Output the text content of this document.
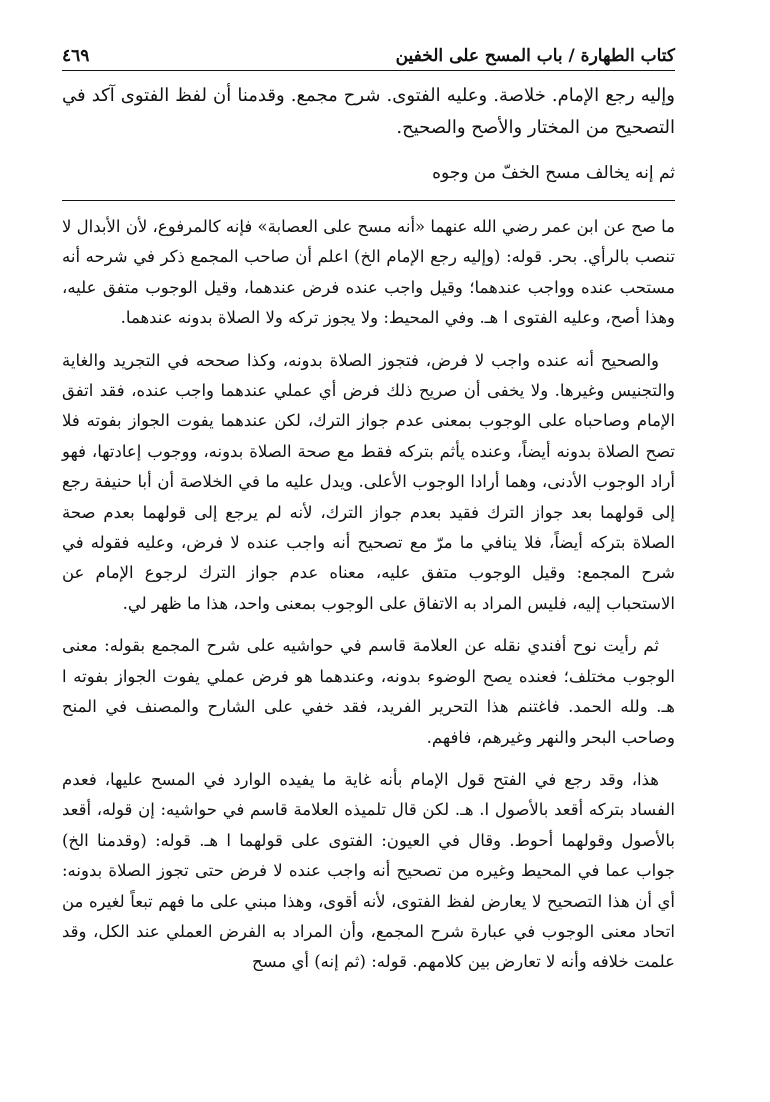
كتاب الطهارة / باب المسح على الخفين
٤٦٩
وإليه رجع الإمام. خلاصة. وعليه الفتوى. شرح مجمع. وقدمنا أن لفظ الفتوى آكد في التصحيح من المختار والأصح والصحيح.
ثم إنه يخالف مسح الخفّ من وجوه

ما صح عن ابن عمر رضي الله عنهما «أنه مسح على العصابة» فإنه كالمرفوع، لأن الأبدال لا تنصب بالرأي. بحر. قوله: (وإليه رجع الإمام الخ) اعلم أن صاحب المجمع ذكر في شرحه أنه مستحب عنده وواجب عندهما؛ وقيل واجب عنده فرض عندهما، وقيل الوجوب متفق عليه، وهذا أصح، وعليه الفتوى ا هـ. وفي المحيط: ولا يجوز تركه ولا الصلاة بدونه عندهما.

والصحيح أنه عنده واجب لا فرض، فتجوز الصلاة بدونه، وكذا صححه في التجريد والغاية والتجنيس وغيرها. ولا يخفى أن صريح ذلك فرض أي عملي عندهما واجب عنده، فقد اتفق الإمام وصاحباه على الوجوب بمعنى عدم جواز الترك، لكن عندهما يفوت الجواز بفوته فلا تصح الصلاة بدونه أيضاً، وعنده يأثم بتركه فقط مع صحة الصلاة بدونه، ووجوب إعادتها، فهو أراد الوجوب الأدنى، وهما أرادا الوجوب الأعلى. ويدل عليه ما في الخلاصة أن أبا حنيفة رجع إلى قولهما بعد جواز الترك فقيد بعدم جواز الترك، لأنه لم يرجع إلى قولهما بعدم صحة الصلاة بتركه أيضاً، فلا ينافي ما مرّ مع تصحيح أنه واجب عنده لا فرض، وعليه فقوله في شرح المجمع: وقيل الوجوب متفق عليه، معناه عدم جواز الترك لرجوع الإمام عن الاستحباب إليه، فليس المراد به الاتفاق على الوجوب بمعنى واحد، هذا ما ظهر لي.

ثم رأيت نوح أفندي نقله عن العلامة قاسم في حواشيه على شرح المجمع بقوله: معنى الوجوب مختلف؛ فعنده يصح الوضوء بدونه، وعندهما هو فرض عملي يفوت الجواز بفوته ا هـ. ولله الحمد. فاغتنم هذا التحرير الفريد، فقد خفي على الشارح والمصنف في المنح وصاحب البحر والنهر وغيرهم، فافهم.

هذا، وقد رجع في الفتح قول الإمام بأنه غاية ما يفيده الوارد في المسح عليها، فعدم الفساد بتركه أقعد بالأصول ا. هـ. لكن قال تلميذه العلامة قاسم في حواشيه: إن قوله، أقعد بالأصول وقولهما أحوط. وقال في العيون: الفتوى على قولهما ا هـ. قوله: (وقدمنا الخ) جواب عما في المحيط وغيره من تصحيح أنه واجب عنده لا فرض حتى تجوز الصلاة بدونه: أي أن هذا التصحيح لا يعارض لفظ الفتوى، لأنه أقوى، وهذا مبني على ما فهم تبعاً لغيره من اتحاد معنى الوجوب في عبارة شرح المجمع، وأن المراد به الفرض العملي عند الكل، وقد علمت خلافه وأنه لا تعارض بين كلامهم. قوله: (ثم إنه) أي مسح
